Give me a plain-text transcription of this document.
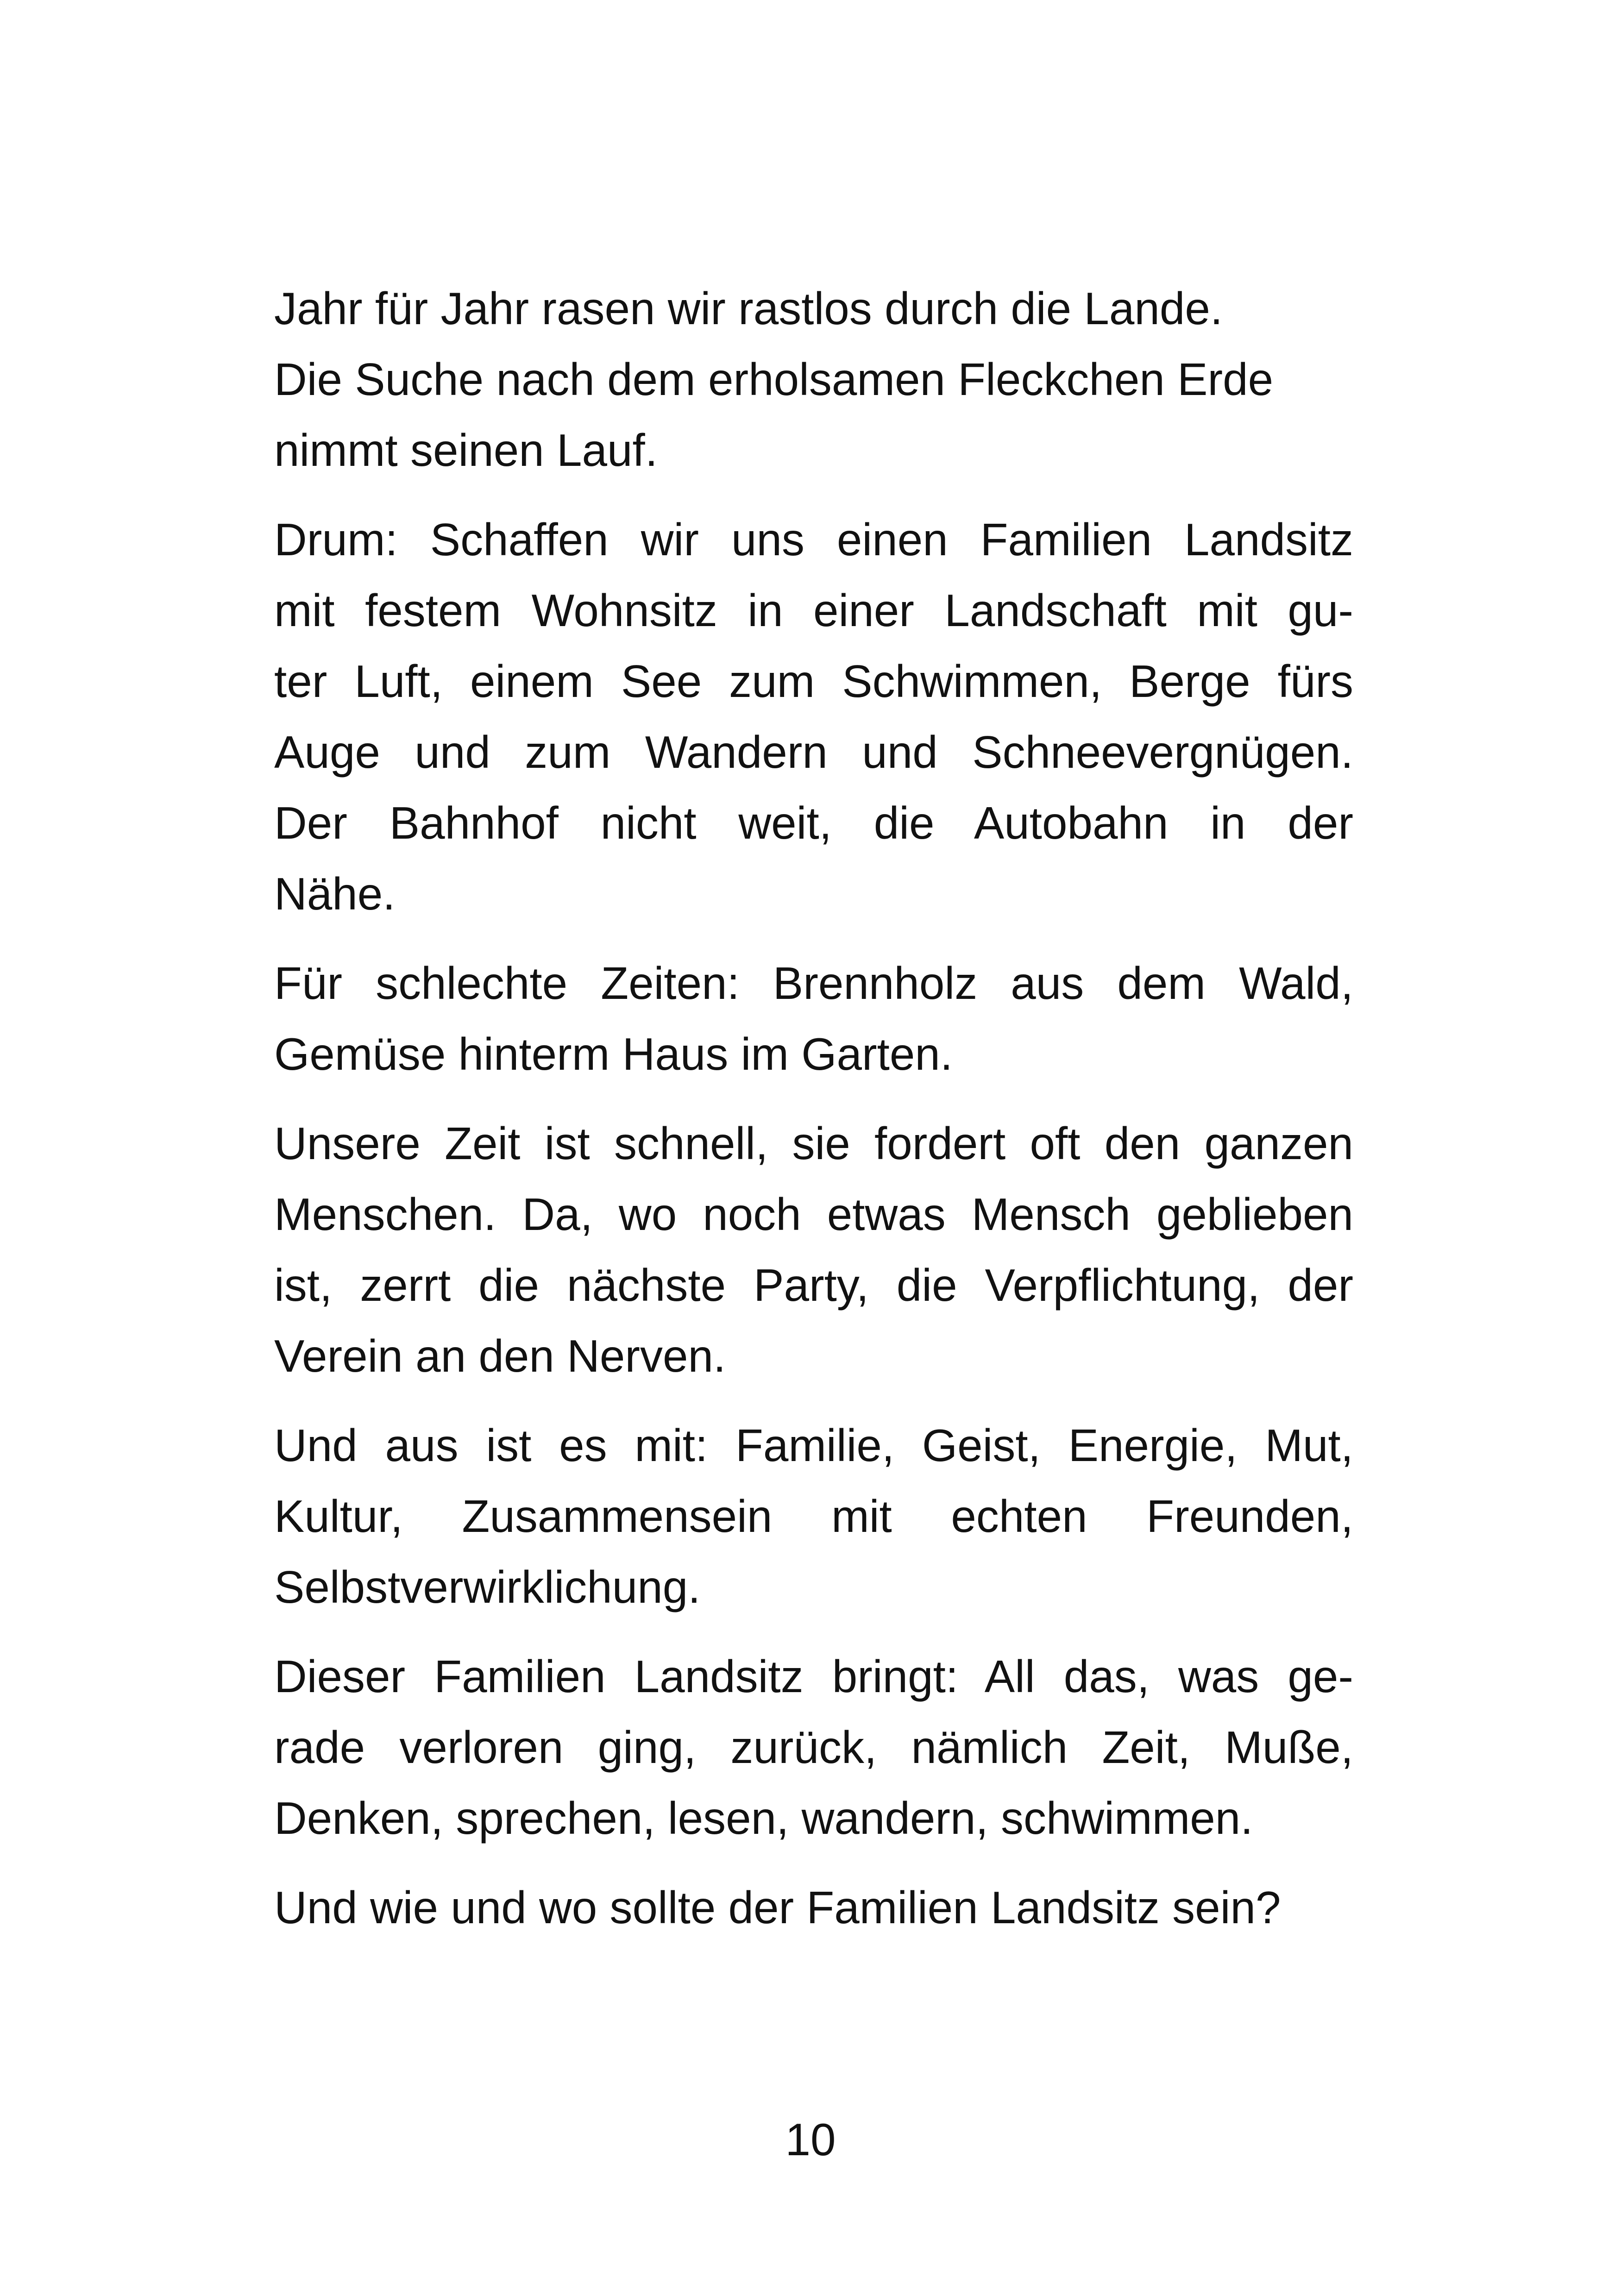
Jahr für Jahr rasen wir rastlos durch die Lande.
Die Suche nach dem erholsamen Fleckchen Erde
nimmt seinen Lauf.
Drum: Schaffen wir uns einen Familien Landsitz
mit festem Wohnsitz in einer Landschaft mit gu-
ter Luft, einem See zum Schwimmen, Berge fürs
Auge und zum Wandern und Schneevergnügen.
Der Bahnhof nicht weit, die Autobahn in der
Nähe.
Für schlechte Zeiten: Brennholz aus dem Wald,
Gemüse hinterm Haus im Garten.
Unsere Zeit ist schnell, sie fordert oft den ganzen
Menschen. Da, wo noch etwas Mensch geblieben
ist, zerrt die nächste Party, die Verpflichtung, der
Verein an den Nerven.
Und aus ist es mit: Familie, Geist, Energie, Mut,
Kultur, Zusammensein mit echten Freunden,
Selbstverwirklichung.
Dieser Familien Landsitz bringt: All das, was ge-
rade verloren ging, zurück, nämlich Zeit, Muße,
Denken, sprechen, lesen, wandern, schwimmen.
Und wie und wo sollte der Familien Landsitz sein?
10
